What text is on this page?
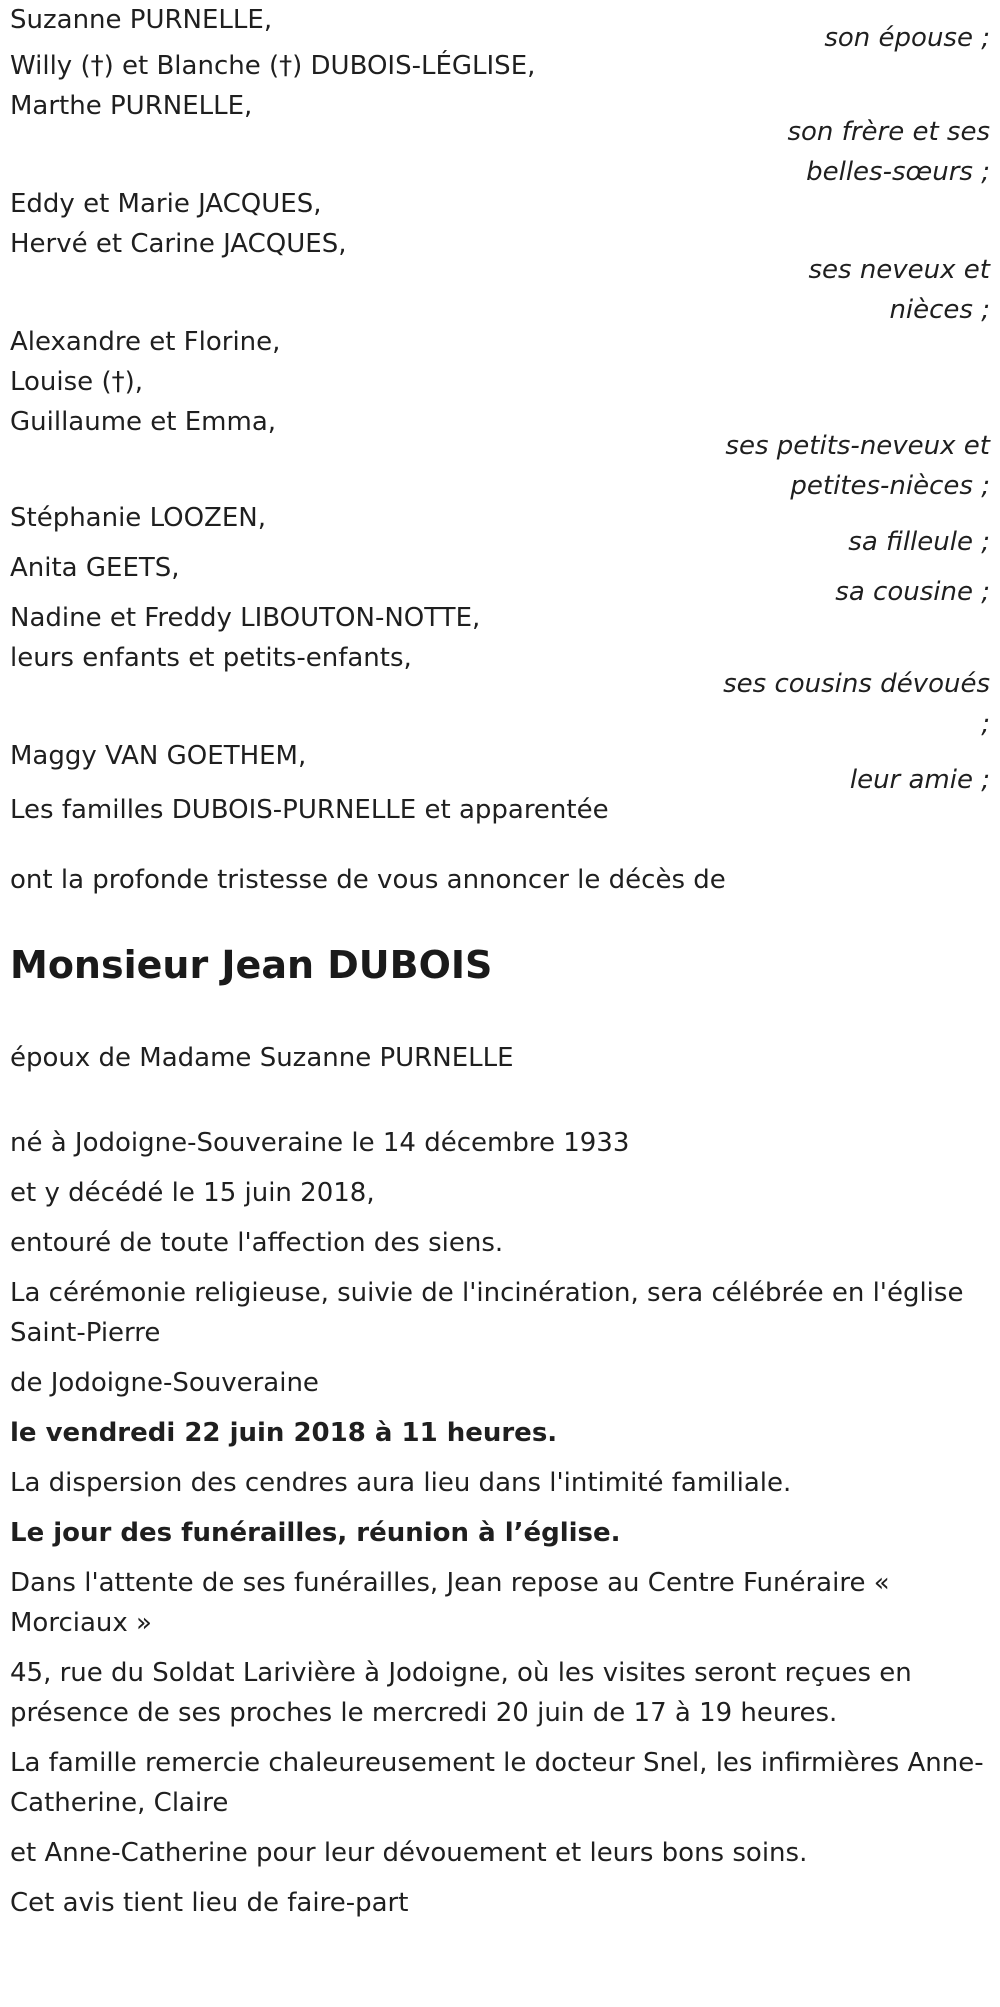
Suzanne PURNELLE,
son épouse ;
Willy (†) et Blanche (†) DUBOIS-LÉGLISE,
Marthe PURNELLE,
son frère et ses
belles-sœurs ;
Eddy et Marie JACQUES,
Hervé et Carine JACQUES,
ses neveux et
nièces ;
Alexandre et Florine,
Louise (†),
Guillaume et Emma,
ses petits-neveux et
petites-nièces ;
Stéphanie LOOZEN,
sa filleule ;
Anita GEETS,
sa cousine ;
Nadine et Freddy LIBOUTON-NOTTE,
leurs enfants et petits-enfants,
ses cousins dévoués
;
Maggy VAN GOETHEM,
leur amie ;
Les familles DUBOIS-PURNELLE et apparentée
ont la profonde tristesse de vous annoncer le décès de
Monsieur Jean DUBOIS
époux de Madame Suzanne PURNELLE

né à Jodoigne-Souveraine le 14 décembre 1933

et y décédé le 15 juin 2018,

entouré de toute l'affection des siens.

La cérémonie religieuse, suivie de l'incinération, sera célébrée en l'église Saint-Pierre

de Jodoigne-Souveraine

le vendredi 22 juin 2018 à 11 heures.

La dispersion des cendres aura lieu dans l'intimité familiale.

Le jour des funérailles, réunion à l’église.

Dans l'attente de ses funérailles, Jean repose au Centre Funéraire « Morciaux »

45, rue du Soldat Larivière à Jodoigne, où les visites seront reçues en présence de ses proches le mercredi 20 juin de 17 à 19 heures.

La famille remercie chaleureusement le docteur Snel, les infirmières Anne-Catherine, Claire

et Anne-Catherine pour leur dévouement et leurs bons soins.

Cet avis tient lieu de faire-part
